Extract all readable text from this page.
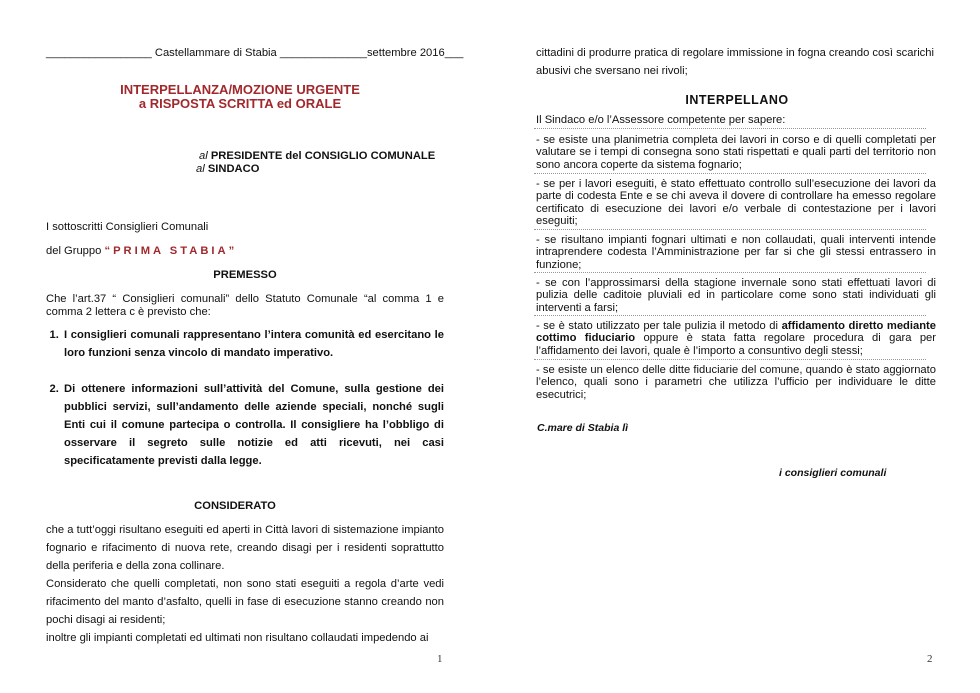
_________________ Castellammare di Stabia ______________settembre 2016___
INTERPELLANZA/MOZIONE URGENTE
a RISPOSTA SCRITTA ed ORALE
al PRESIDENTE del CONSIGLIO COMUNALE
al SINDACO
I sottoscritti Consiglieri Comunali
del Gruppo “PRIMA STABIA”
PREMESSO
Che l’art.37 “ Consiglieri comunali” dello Statuto Comunale “al comma 1 e comma 2 lettera c è previsto che:
1. I consiglieri comunali rappresentano l’intera comunità ed esercitano le loro funzioni senza vincolo di mandato imperativo.
2. Di ottenere informazioni sull’attività del Comune, sulla gestione dei pubblici servizi, sull’andamento delle aziende speciali, nonché sugli Enti cui il comune partecipa o controlla. Il consigliere ha l’obbligo di osservare il segreto sulle notizie ed atti ricevuti, nei casi specificatamente previsti dalla legge.
CONSIDERATO
che a tutt’oggi risultano eseguiti ed aperti in Città lavori di sistemazione impianto fognario e rifacimento di nuova rete, creando disagi per i residenti soprattutto della periferia e della zona collinare.
Considerato che quelli completati, non sono stati eseguiti a regola d’arte vedi rifacimento del manto d’asfalto, quelli in fase di esecuzione stanno creando non pochi disagi ai residenti;
inoltre gli impianti completati ed ultimati non risultano collaudati impedendo ai
1
cittadini di produrre pratica di regolare immissione in fogna creando così scarichi abusivi che sversano nei rivoli;
INTERPELLANO
Il Sindaco e/o l’Assessore competente per sapere:

- se esiste una planimetria completa dei lavori in corso e di quelli completati per valutare se i tempi di consegna sono stati rispettati e quali parti del territorio non sono ancora coperte da sistema fognario;

- se per i lavori eseguiti, è stato effettuato controllo sull’esecuzione dei lavori da parte di codesta Ente e se chi aveva il dovere di controllare ha emesso regolare certificato di esecuzione dei lavori e/o verbale di contestazione per i lavori eseguiti;

- se risultano impianti fognari ultimati e non collaudati, quali interventi intende intraprendere codesta l’Amministrazione per far si che gli stessi entrassero in funzione;

- se con l’approssimarsi della stagione invernale sono stati effettuati lavori di pulizia delle caditoie pluviali ed in particolare come sono stati individuati gli interventi a farsi;

- se è stato utilizzato per tale pulizia il metodo di affidamento diretto mediante cottimo fiduciario oppure è stata fatta regolare procedura di gara per l’affidamento dei lavori, quale è l’importo a consuntivo degli stessi;

- se esiste un elenco delle ditte fiduciarie del comune, quando è stato aggiornato l’elenco, quali sono i parametri che utilizza l’ufficio per individuare le ditte esecutrici;

C.mare di Stabia lì
i consiglieri comunali
2
